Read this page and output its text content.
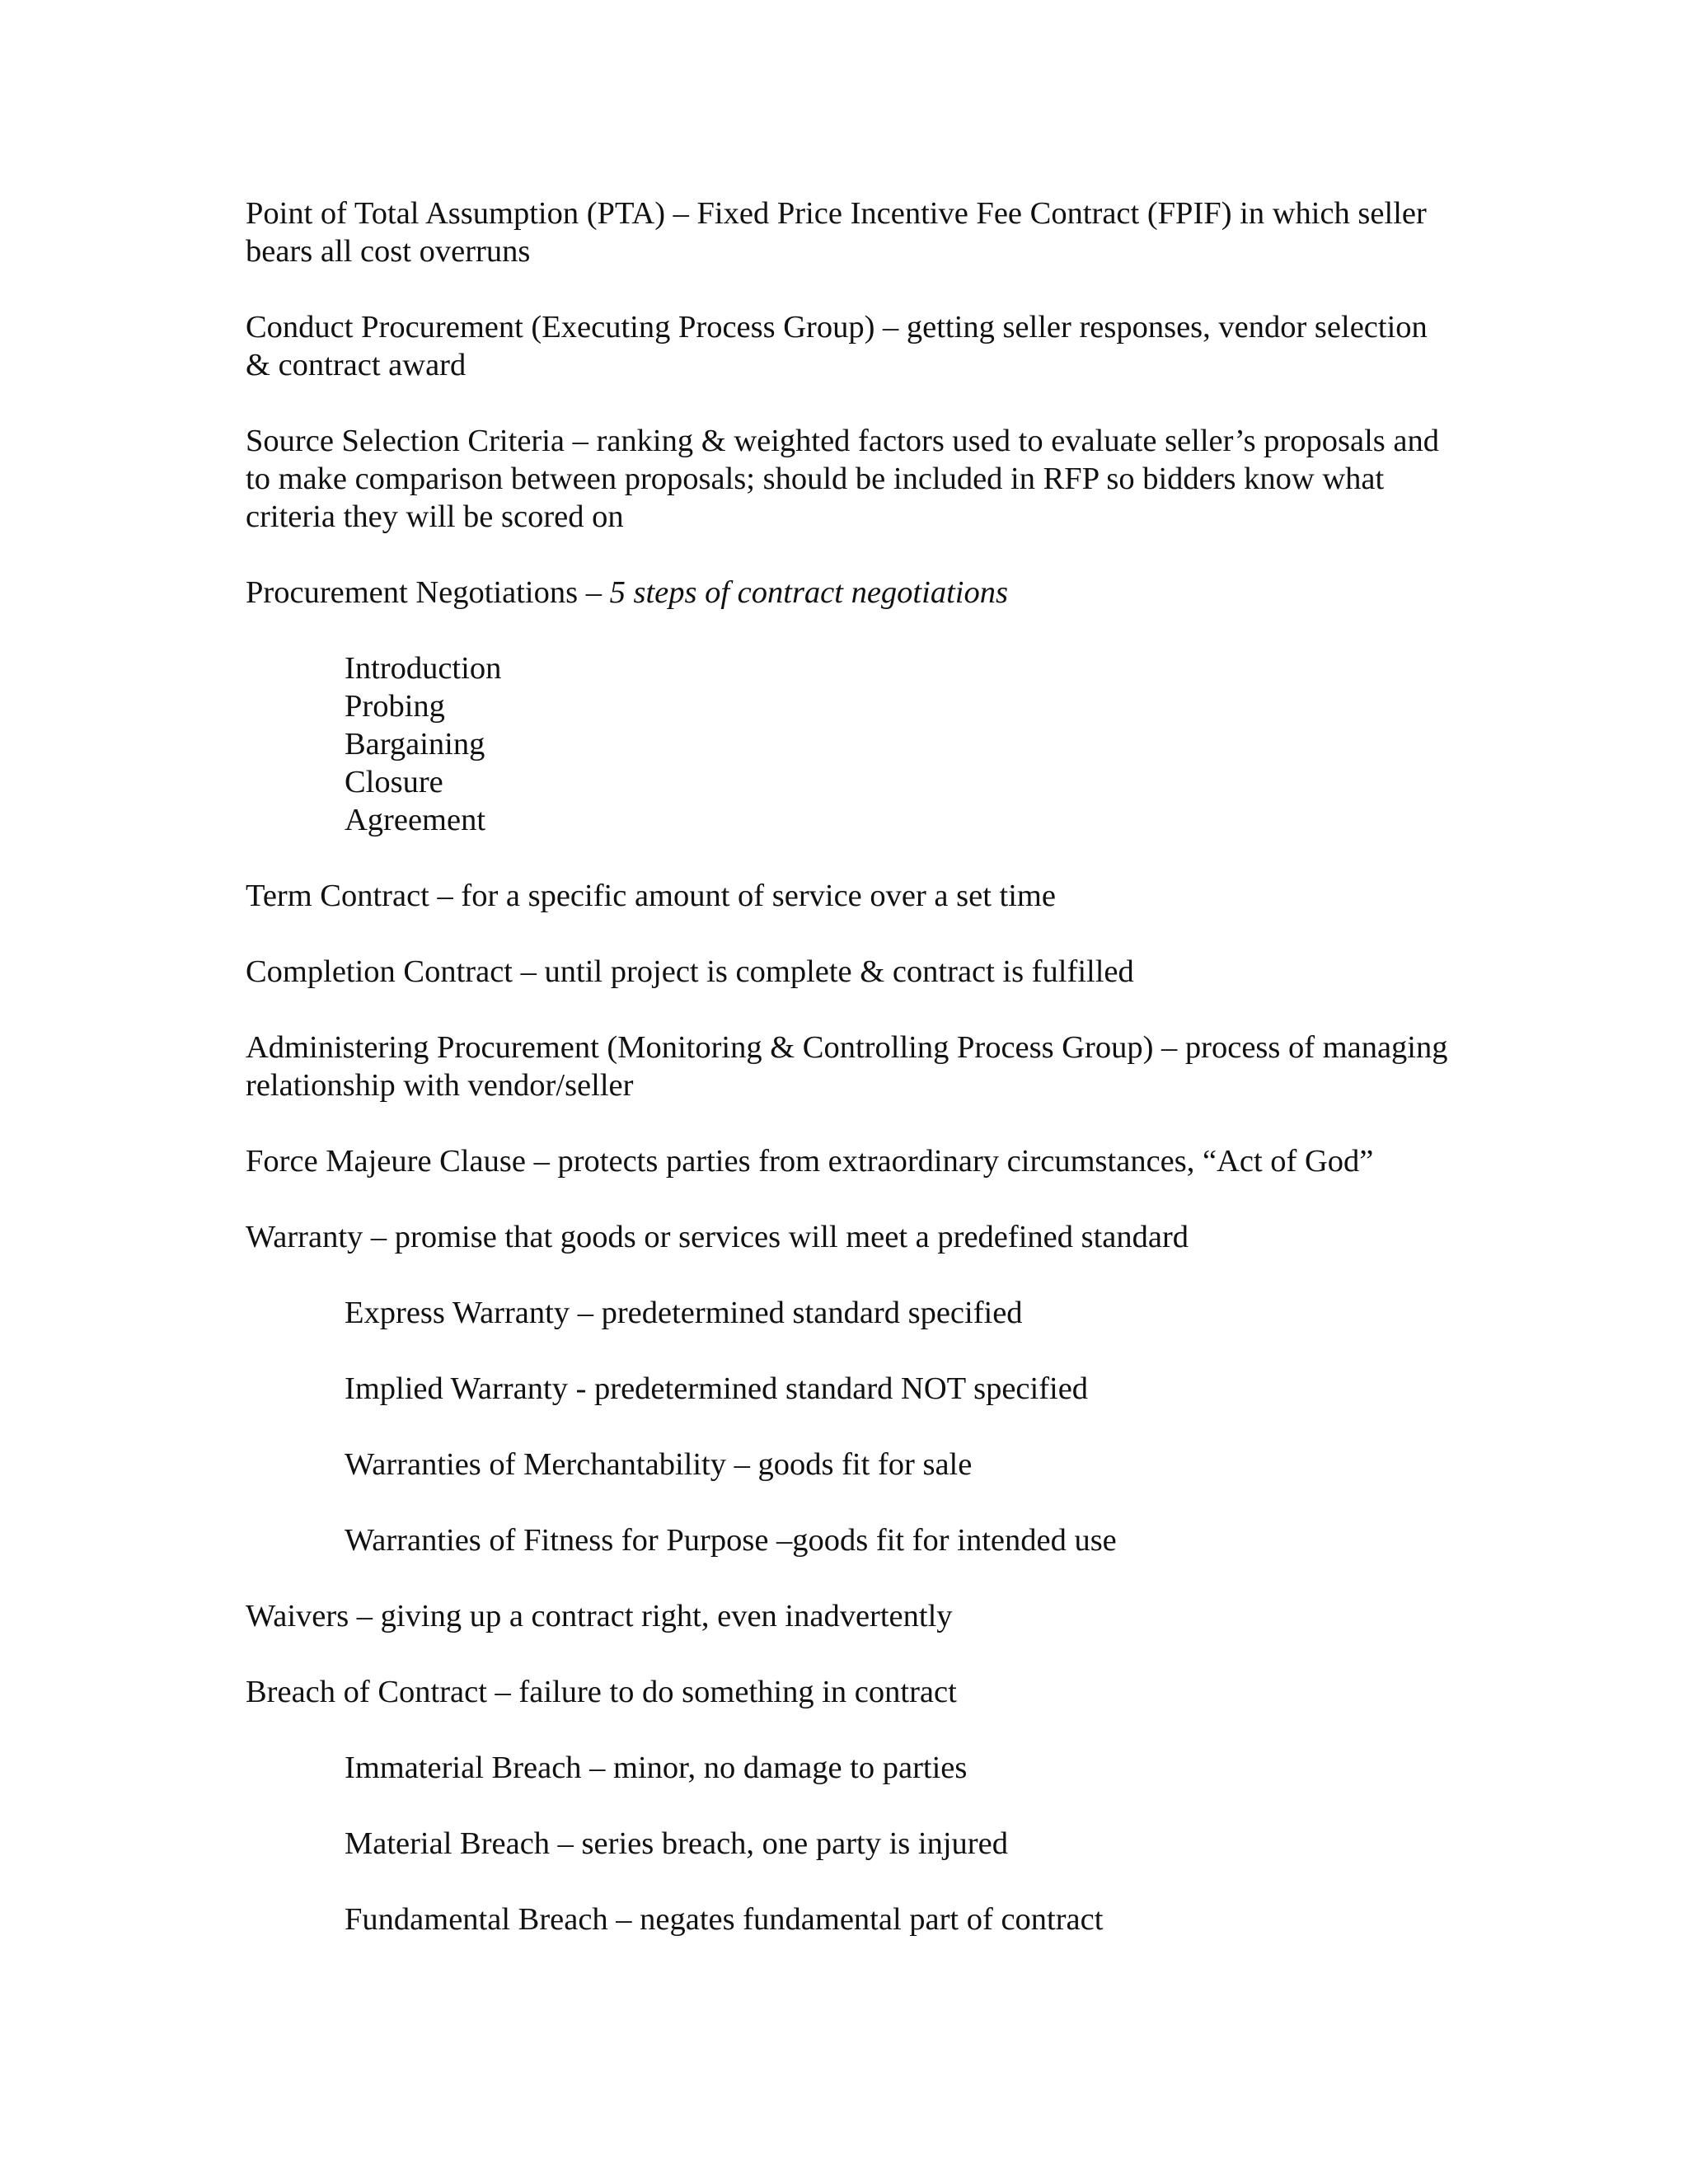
Point of Total Assumption (PTA) – Fixed Price Incentive Fee Contract (FPIF) in which seller bears all cost overruns

Conduct Procurement (Executing Process Group) – getting seller responses, vendor selection & contract award

Source Selection Criteria – ranking & weighted factors used to evaluate seller’s proposals and to make comparison between proposals; should be included in RFP so bidders know what criteria they will be scored on

Procurement Negotiations – 5 steps of contract negotiations

Introduction
Probing
Bargaining
Closure
Agreement

Term Contract – for a specific amount of service over a set time

Completion Contract – until project is complete & contract is fulfilled

Administering Procurement (Monitoring & Controlling Process Group) – process of managing relationship with vendor/seller

Force Majeure Clause – protects parties from extraordinary circumstances, “Act of God”

Warranty – promise that goods or services will meet a predefined standard

Express Warranty – predetermined standard specified

Implied Warranty - predetermined standard NOT specified

Warranties of Merchantability – goods fit for sale

Warranties of Fitness for Purpose –goods fit for intended use

Waivers – giving up a contract right, even inadvertently

Breach of Contract – failure to do something in contract

Immaterial Breach – minor, no damage to parties

Material Breach – series breach, one party is injured

Fundamental Breach – negates fundamental part of contract
